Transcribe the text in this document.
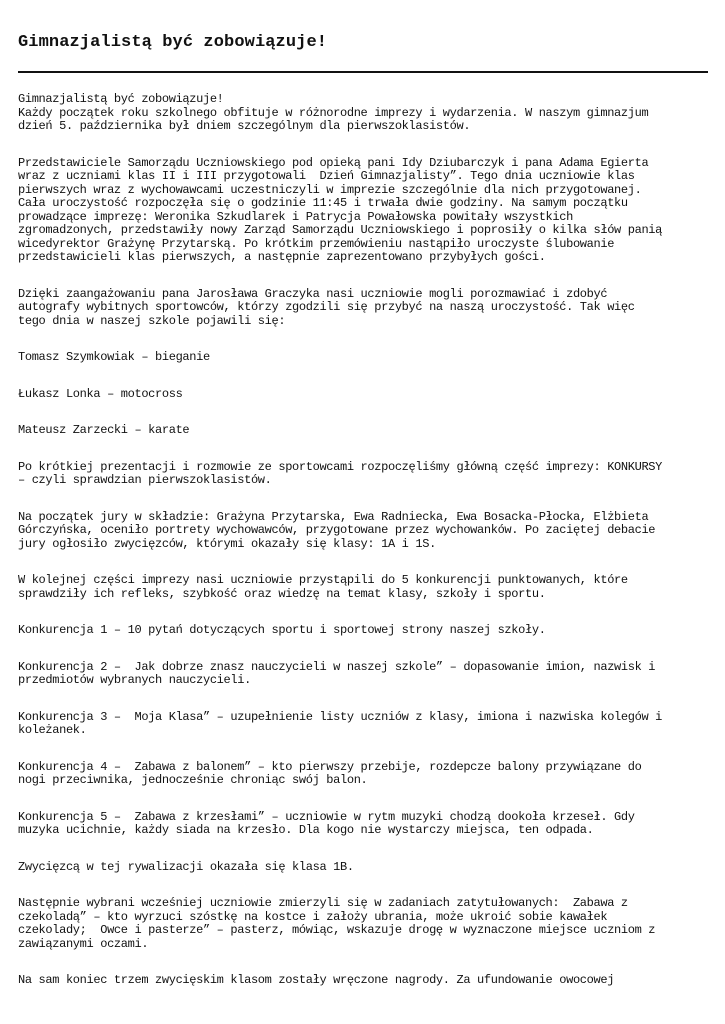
Gimnazjalistą być zobowiązuje!

Gimnazjalistą być zobowiązuje!
Każdy początek roku szkolnego obfituje w różnorodne imprezy i wydarzenia. W naszym gimnazjum
dzień 5. października był dniem szczególnym dla pierwszoklasistów.

Przedstawiciele Samorządu Uczniowskiego pod opieką pani Idy Dziubarczyk i pana Adama Egierta
wraz z uczniami klas II i III przygotowali  Dzień Gimnazjalisty”. Tego dnia uczniowie klas
pierwszych wraz z wychowawcami uczestniczyli w imprezie szczególnie dla nich przygotowanej.
Cała uroczystość rozpoczęła się o godzinie 11:45 i trwała dwie godziny. Na samym początku
prowadzące imprezę: Weronika Szkudlarek i Patrycja Powałowska powitały wszystkich
zgromadzonych, przedstawiły nowy Zarząd Samorządu Uczniowskiego i poprosiły o kilka słów panią
wicedyrektor Grażynę Przytarską. Po krótkim przemówieniu nastąpiło uroczyste ślubowanie
przedstawicieli klas pierwszych, a następnie zaprezentowano przybyłych gości.

Dzięki zaangażowaniu pana Jarosława Graczyka nasi uczniowie mogli porozmawiać i zdobyć
autografy wybitnych sportowców, którzy zgodzili się przybyć na naszą uroczystość. Tak więc
tego dnia w naszej szkole pojawili się:

Tomasz Szymkowiak – bieganie

Łukasz Lonka – motocross

Mateusz Zarzecki – karate

Po krótkiej prezentacji i rozmowie ze sportowcami rozpoczęliśmy główną część imprezy: KONKURSY
– czyli sprawdzian pierwszoklasistów.

Na początek jury w składzie: Grażyna Przytarska, Ewa Radniecka, Ewa Bosacka-Płocka, Elżbieta
Górczyńska, oceniło portrety wychowawców, przygotowane przez wychowanków. Po zaciętej debacie
jury ogłosiło zwycięzców, którymi okazały się klasy: 1A i 1S.

W kolejnej części imprezy nasi uczniowie przystąpili do 5 konkurencji punktowanych, które
sprawdziły ich refleks, szybkość oraz wiedzę na temat klasy, szkoły i sportu.

Konkurencja 1 – 10 pytań dotyczących sportu i sportowej strony naszej szkoły.

Konkurencja 2 –  Jak dobrze znasz nauczycieli w naszej szkole” – dopasowanie imion, nazwisk i
przedmiotów wybranych nauczycieli.

Konkurencja 3 –  Moja Klasa” – uzupełnienie listy uczniów z klasy, imiona i nazwiska kolegów i
koleżanek.

Konkurencja 4 –  Zabawa z balonem” – kto pierwszy przebije, rozdepcze balony przywiązane do
nogi przeciwnika, jednocześnie chroniąc swój balon.

Konkurencja 5 –  Zabawa z krzesłami” – uczniowie w rytm muzyki chodzą dookoła krzeseł. Gdy
muzyka ucichnie, każdy siada na krzesło. Dla kogo nie wystarczy miejsca, ten odpada.

Zwycięzcą w tej rywalizacji okazała się klasa 1B.

Następnie wybrani wcześniej uczniowie zmierzyli się w zadaniach zatytułowanych:  Zabawa z
czekoladą” – kto wyrzuci szóstkę na kostce i założy ubrania, może ukroić sobie kawałek
czekolady;  Owce i pasterze” – pasterz, mówiąc, wskazuje drogę w wyznaczone miejsce uczniom z
zawiązanymi oczami.

Na sam koniec trzem zwycięskim klasom zostały wręczone nagrody. Za ufundowanie owocowej
